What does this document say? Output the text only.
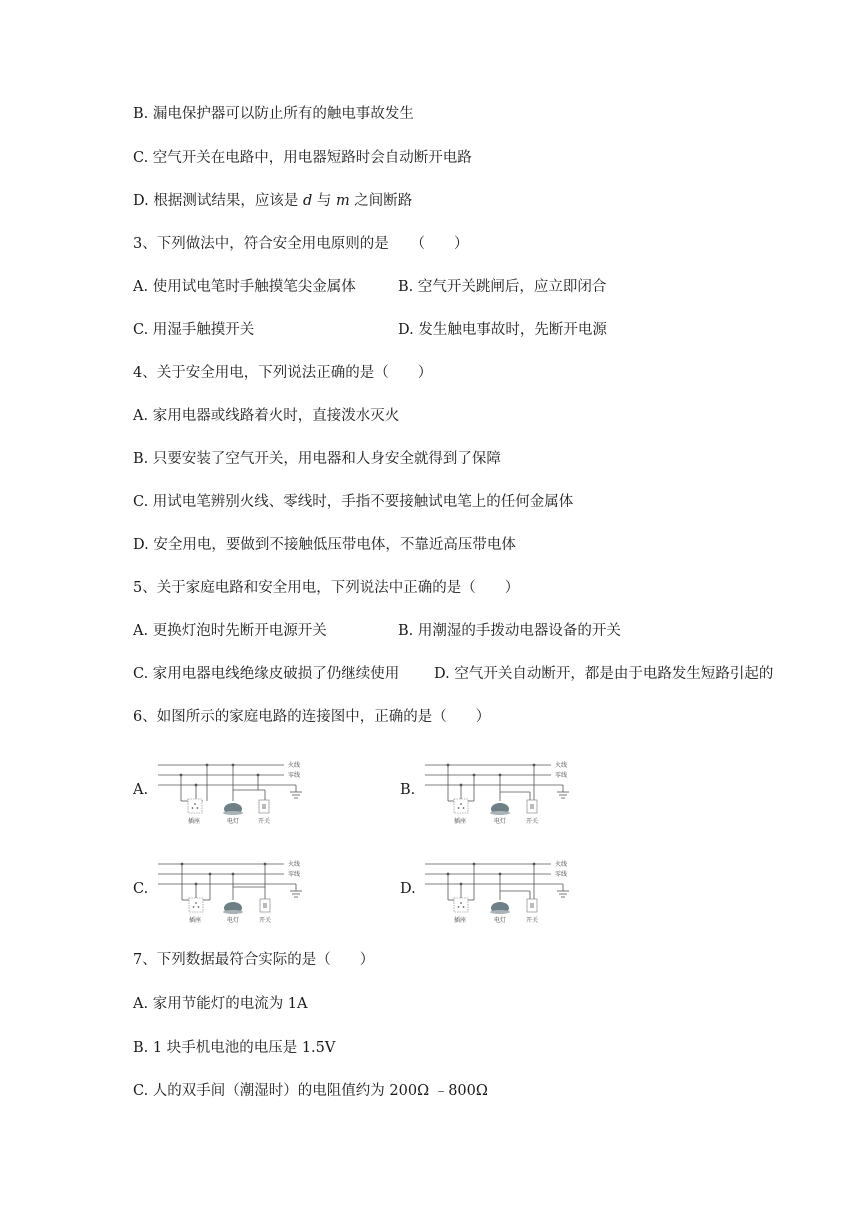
B. 漏电保护器可以防止所有的触电事故发生
C. 空气开关在电路中，用电器短路时会自动断开电路
D. 根据测试结果，应该是 d 与 m 之间断路
3、下列做法中，符合安全用电原则的是　　（　　）
A. 使用试电笔时手触摸笔尖金属体	B. 空气开关跳闸后，应立即闭合
C. 用湿手触摸开关	D. 发生触电事故时，先断开电源
4、关于安全用电，下列说法正确的是（　　）
A. 家用电器或线路着火时，直接泼水灭火
B. 只要安装了空气开关，用电器和人身安全就得到了保障
C. 用试电笔辨别火线、零线时，手指不要接触试电笔上的任何金属体
D. 安全用电，要做到不接触低压带电体，不靠近高压带电体
5、关于家庭电路和安全用电，下列说法中正确的是（　　）
A. 更换灯泡时先断开电源开关	B. 用潮湿的手拨动电器设备的开关
C. 家用电器电线绝缘皮破损了仍继续使用 D. 空气开关自动断开，都是由于电路发生短路引起的
6、如图所示的家庭电路的连接图中，正确的是（　　）
A.	B.
C.	D.
火线
零线
插座	电灯	开关
火线
零线
插座	电灯	开关
火线
零线
插座	电灯	开关
火线
零线
插座	电灯	开关
7、下列数据最符合实际的是（　　）
A. 家用节能灯的电流为 1A
B. 1 块手机电池的电压是 1.5V
C. 人的双手间（潮湿时）的电阻值约为 200Ω ﹣800Ω
